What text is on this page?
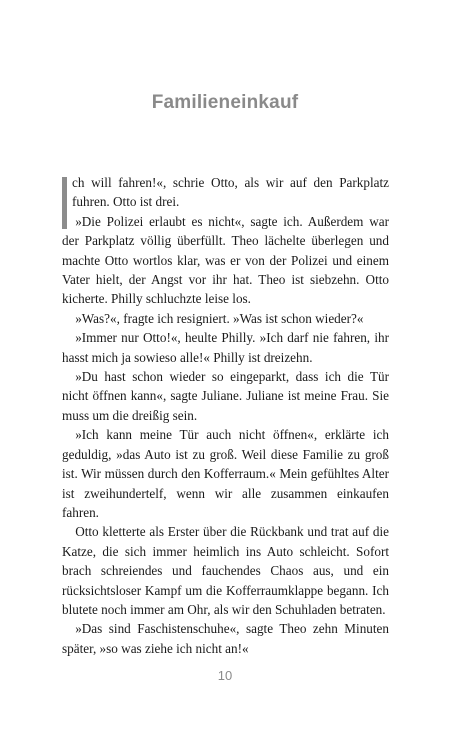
Familieneinkauf

ch will fahren!«, schrie Otto, als wir auf den Parkplatz fuhren. Otto ist drei.

»Die Polizei erlaubt es nicht«, sagte ich. Außerdem war der Parkplatz völlig überfüllt. Theo lächelte überlegen und machte Otto wortlos klar, was er von der Polizei und einem Vater hielt, der Angst vor ihr hat. Theo ist siebzehn. Otto kicherte. Philly schluchzte leise los.

»Was?«, fragte ich resigniert. »Was ist schon wieder?«

»Immer nur Otto!«, heulte Philly. »Ich darf nie fahren, ihr hasst mich ja sowieso alle!« Philly ist dreizehn.

»Du hast schon wieder so eingeparkt, dass ich die Tür nicht öffnen kann«, sagte Juliane. Juliane ist meine Frau. Sie muss um die dreißig sein.

»Ich kann meine Tür auch nicht öffnen«, erklärte ich geduldig, »das Auto ist zu groß. Weil diese Familie zu groß ist. Wir müssen durch den Kofferraum.« Mein gefühltes Alter ist zweihundertelf, wenn wir alle zusammen einkaufen fahren.

Otto kletterte als Erster über die Rückbank und trat auf die Katze, die sich immer heimlich ins Auto schleicht. Sofort brach schreiendes und fauchendes Chaos aus, und ein rücksichtsloser Kampf um die Kofferraumklappe begann. Ich blutete noch immer am Ohr, als wir den Schuhladen betraten.

»Das sind Faschistenschuhe«, sagte Theo zehn Minuten später, »so was ziehe ich nicht an!«

10
